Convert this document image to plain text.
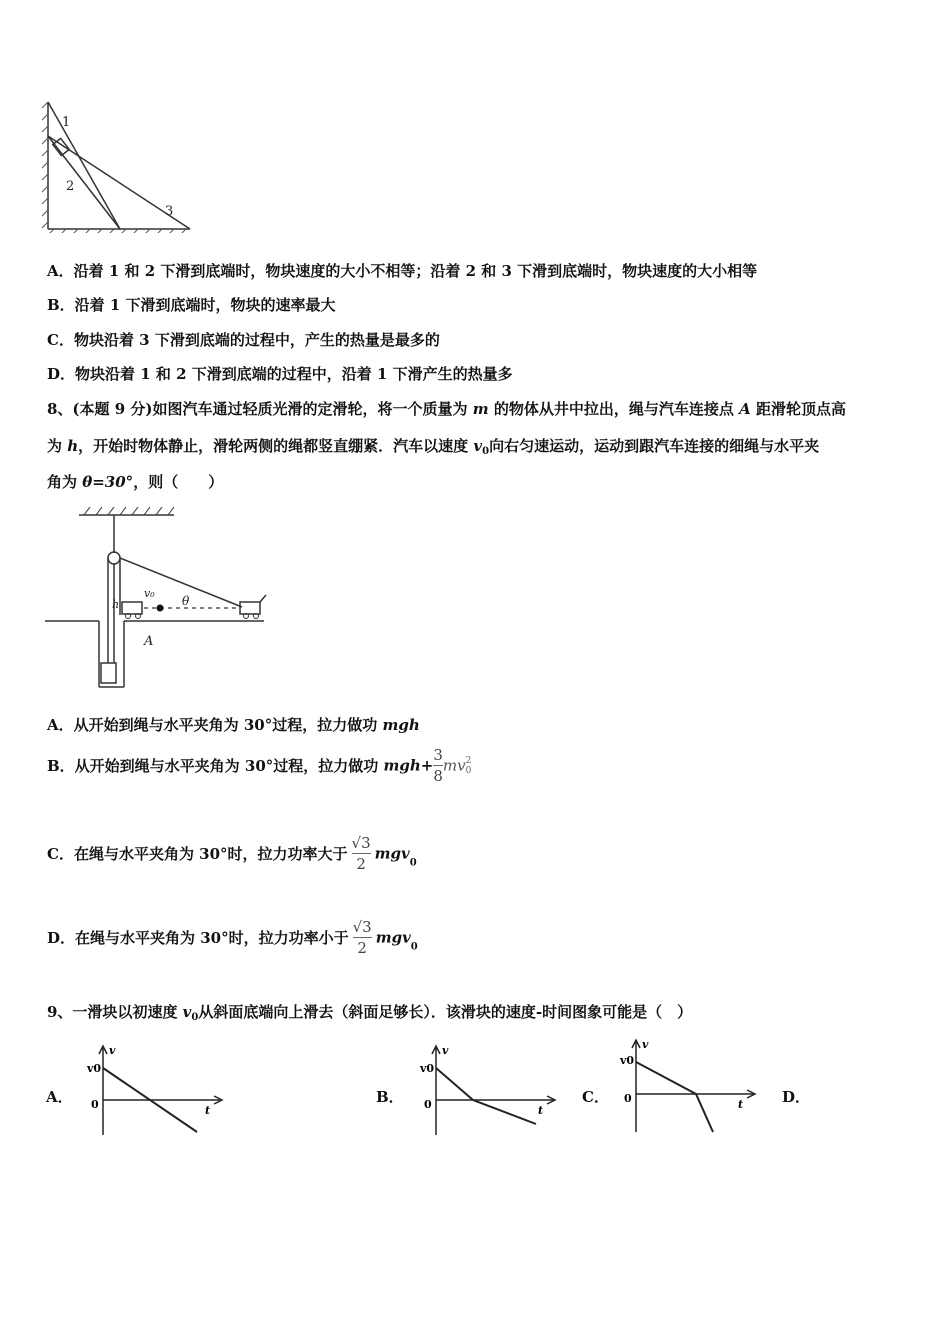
1
2
3
A．沿着 1 和 2 下滑到底端时，物块速度的大小不相等；沿着 2 和 3 下滑到底端时，物块速度的大小相等
B．沿着 1 下滑到底端时，物块的速率最大
C．物块沿着 3 下滑到底端的过程中，产生的热量是最多的
D．物块沿着 1 和 2 下滑到底端的过程中，沿着 1 下滑产生的热量多
8、(本题 9 分)如图汽车通过轻质光滑的定滑轮，将一个质量为 m 的物体从井中拉出，绳与汽车连接点 A 距滑轮顶点高
为 h，开始时物体静止，滑轮两侧的绳都竖直绷紧．汽车以速度 $v_0$向右匀速运动，运动到跟汽车连接的细绳与水平夹
角为 θ=30°，则（　　）
h
v₀
θ
A
A．从开始到绳与水平夹角为 30°过程，拉力做功 mgh
B．从开始到绳与水平夹角为 30°过程，拉力做功 $mgh+ \frac{3}{8}$ mv 2
0
C．在绳与水平夹角为 30°时，拉力功率大于 $\frac{√3}{2} mgv_0$
D．在绳与水平夹角为 30°时，拉力功率小于 $\frac{√3}{2} mgv_0$
9、一滑块以初速度 $v_0$从斜面底端向上滑去（斜面足够长）．该滑块的速度-时间图象可能是（　）
A．	B．	C．	D．
v
v0
0	t
v
v0
0	t
v
v0
0	t
